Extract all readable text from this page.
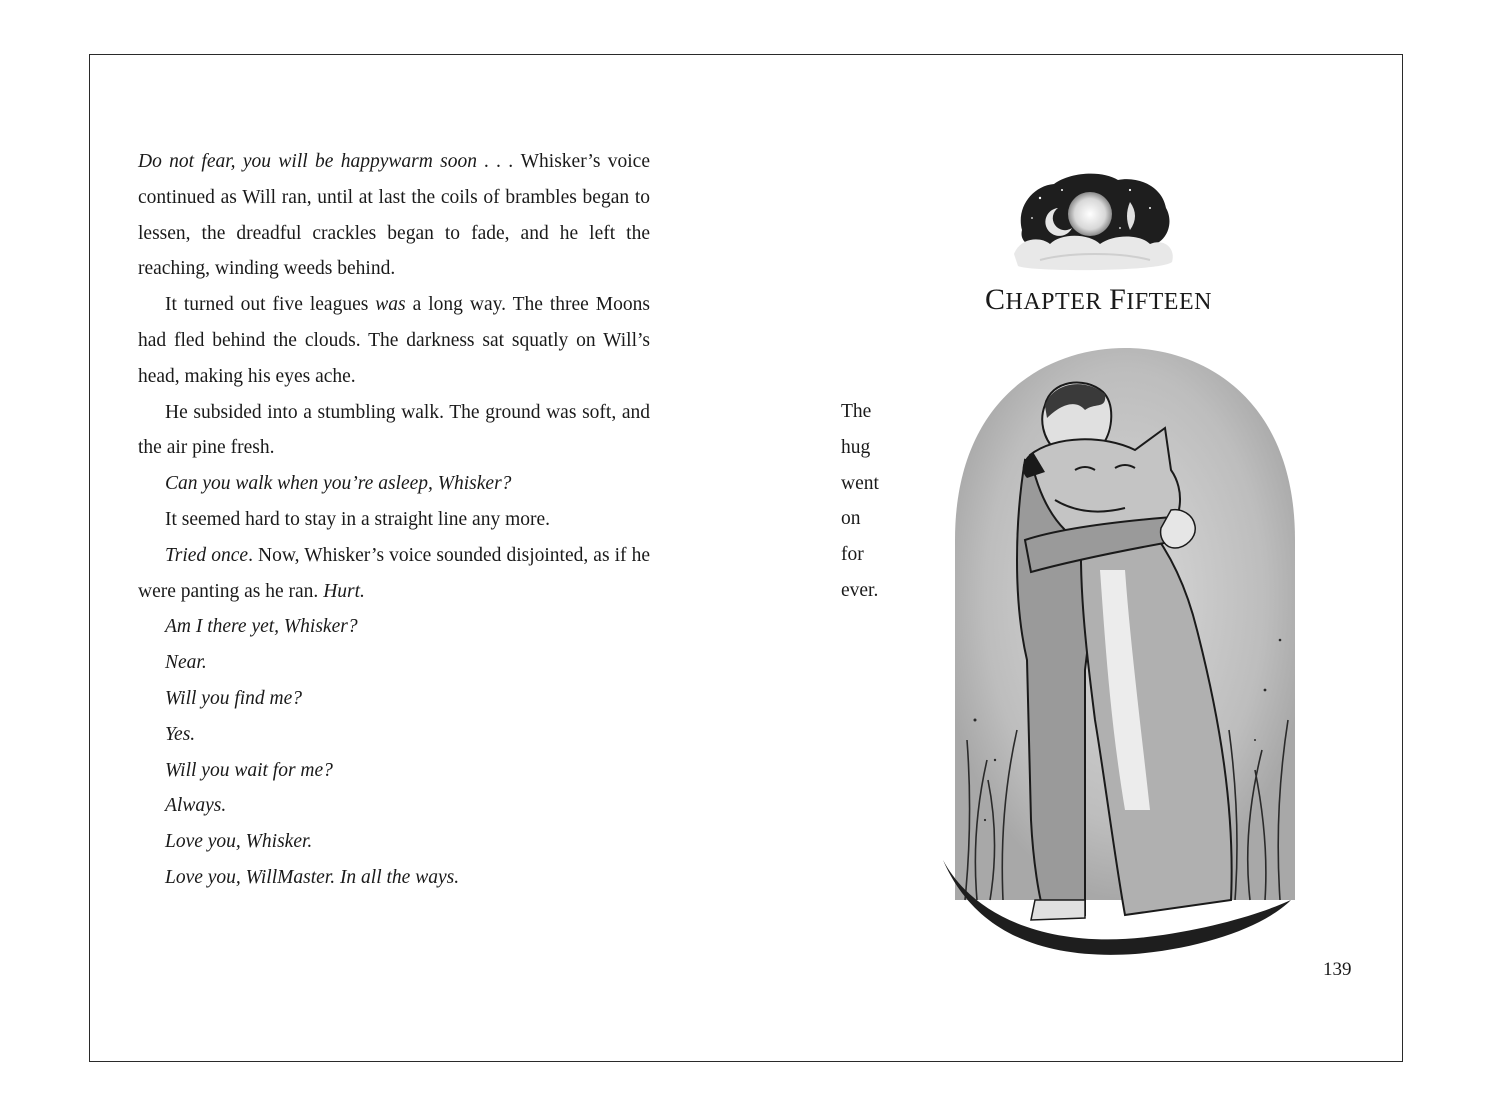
Do not fear, you will be happywarm soon . . . Whisker’s voice continued as Will ran, until at last the coils of brambles began to lessen, the dreadful crackles began to fade, and he left the reaching, winding weeds behind.

It turned out five leagues was a long way. The three Moons had fled behind the clouds. The darkness sat squatly on Will’s head, making his eyes ache.

He subsided into a stumbling walk. The ground was soft, and the air pine fresh.

Can you walk when you’re asleep, Whisker?

It seemed hard to stay in a straight line any more.

Tried once. Now, Whisker’s voice sounded disjointed, as if he were panting as he ran. Hurt.

Am I there yet, Whisker?

Near.

Will you find me?

Yes.

Will you wait for me?

Always.

Love you, Whisker.

Love you, WillMaster. In all the ways.

CHAPTER FIFTEEN
The
hug
went
on
for
ever.
139
